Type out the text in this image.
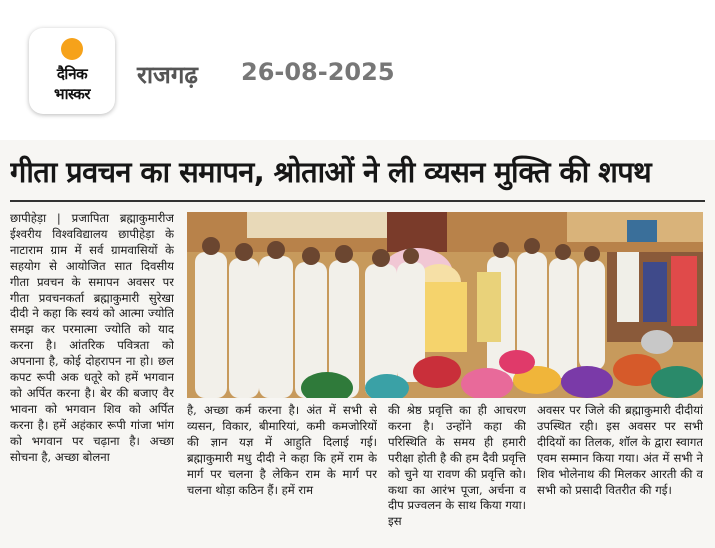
दैनिक
भास्कर
राजगढ़ 26-08-2025
गीता प्रवचन का समापन, श्रोताओं ने ली व्यसन मुक्ति की शपथ
छापीहेड़ा | प्रजापिता ब्रह्माकुमारीज ईश्वरीय विश्वविद्यालय छापीहेड़ा के नाटाराम ग्राम में सर्व ग्रामवासियों के सहयोग से आयोजित सात दिवसीय गीता प्रवचन के समापन अवसर पर गीता प्रवचनकर्ता ब्रह्माकुमारी सुरेखा दीदी ने कहा कि स्वयं को आत्मा ज्योति समझ कर परमात्मा ज्योति को याद करना है। आंतरिक पवित्रता को अपनाना है, कोई दोहरापन ना हो। छल कपट रूपी अक धतूरे को हमें भगवान को अर्पित करना है। बेर की बजाए वैर भावना को भगवान शिव को अर्पित करना है। हमें अहंकार रूपी गांजा भांग को भगवान पर चढ़ाना है। अच्छा सोचना है, अच्छा बोलना
है, अच्छा कर्म करना है। अंत में सभी से व्यसन, विकार, बीमारियां, कमी कमजोरियों की ज्ञान यज्ञ में आहुति दिलाई गई। ब्रह्माकुमारी मधु दीदी ने कहा कि हमें राम के मार्ग पर चलना है लेकिन राम के मार्ग पर चलना थोड़ा कठिन हैं। हमें राम
की श्रेष्ठ प्रवृत्ति का ही आचरण करना है। उन्होंने कहा की परिस्थिति के समय ही हमारी परीक्षा होती है की हम दैवी प्रवृत्ति को चुने या रावण की प्रवृत्ति को। कथा का आरंभ पूजा, अर्चना व दीप प्रज्वलन के साथ किया गया। इस
अवसर पर जिले की ब्रह्माकुमारी दीदीयां उपस्थित रही। इस अवसर पर सभी दीदियों का तिलक, शॉल के द्वारा स्वागत एवम सम्मान किया गया। अंत में सभी ने शिव भोलेनाथ की मिलकर आरती की व सभी को प्रसादी वितरीत की गई।
